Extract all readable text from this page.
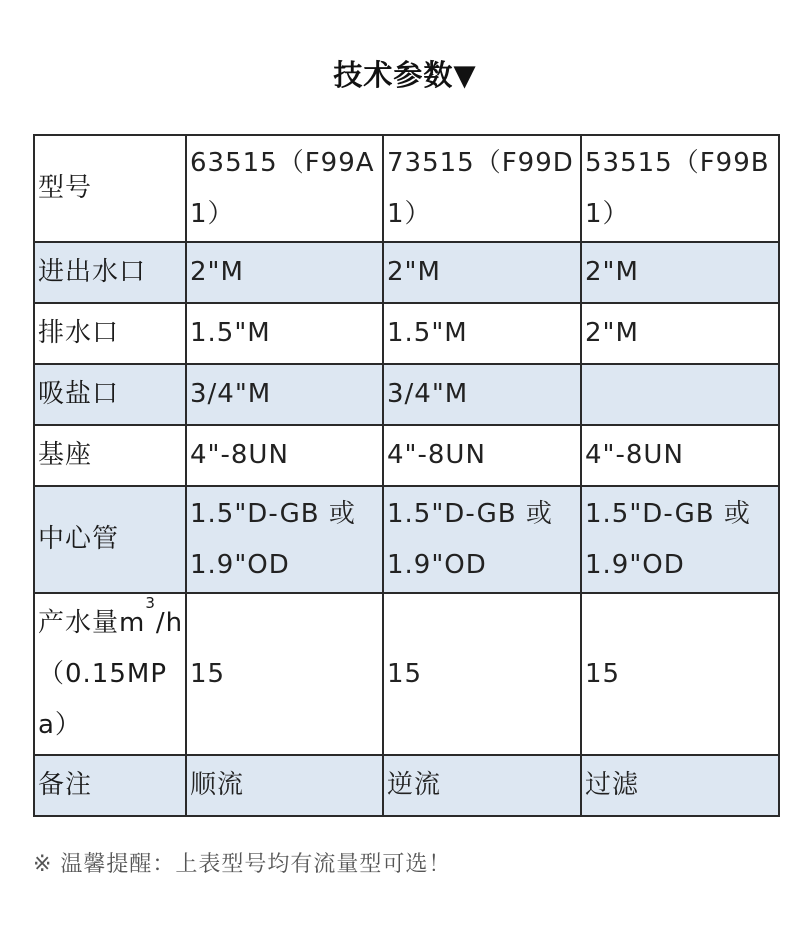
技术参数▼
型号	63515（F99A1）	73515（F99D1）	53515（F99B1）
进出水口	2"M	2"M	2"M
排水口	1.5"M	1.5"M	2"M
吸盐口	3/4"M	3/4"M	
基座	4"-8UN	4"-8UN	4"-8UN
中心管	1.5"D-GB 或 1.9"OD	1.5"D-GB 或 1.9"OD	1.5"D-GB 或 1.9"OD
产水量$m^3/h(0.15MPa)$	15	15	15
备注	顺流	逆流	过滤
※ 温馨提醒：上表型号均有流量型可选！
